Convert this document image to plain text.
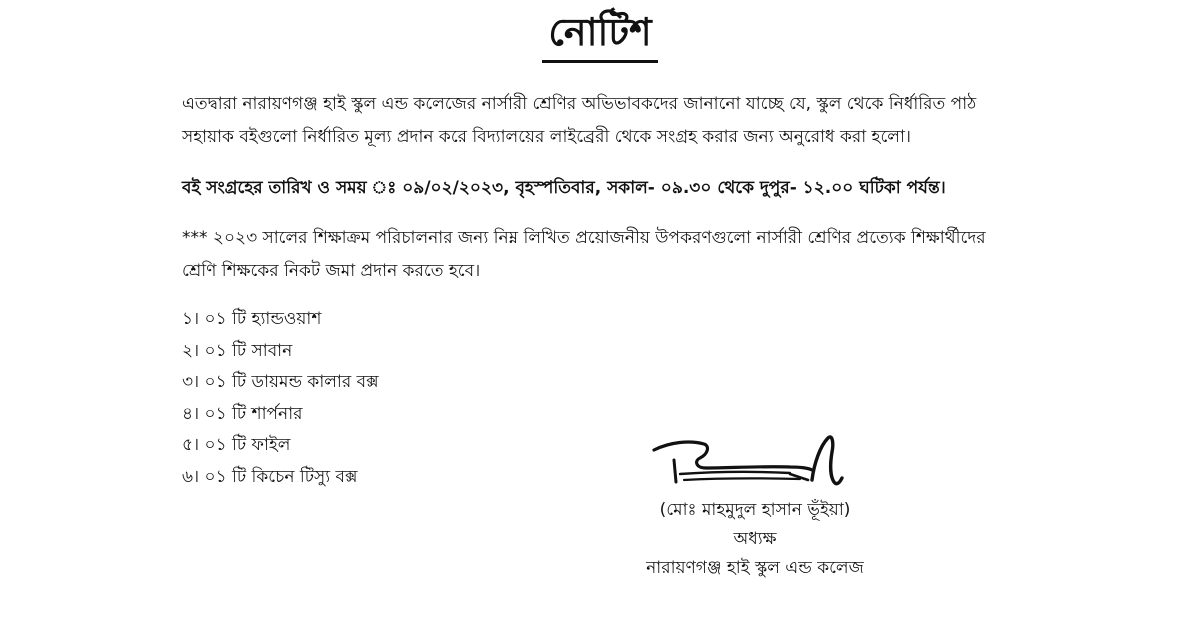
নোটিশ

এতদ্বারা নারায়ণগঞ্জ হাই স্কুল এন্ড কলেজের নার্সারী শ্রেণির অভিভাবকদের জানানো যাচ্ছে যে, স্কুল থেকে নির্ধারিত পাঠ সহায়াক বইগুলো নির্ধারিত মূল্য প্রদান করে বিদ্যালয়ের লাইব্রেরী থেকে সংগ্রহ করার জন্য অনুরোধ করা হলো।

বই সংগ্রহের তারিখ ও সময় ঃ ০৯/০২/২০২৩, বৃহস্পতিবার, সকাল- ০৯.৩০ থেকে দুপুর- ১২.০০ ঘটিকা পর্যন্ত।

*** ২০২৩ সালের শিক্ষাক্রম পরিচালনার জন্য নিম্ন লিখিত প্রয়োজনীয় উপকরণগুলো নার্সারী শ্রেণির প্রত্যেক শিক্ষার্থীদের শ্রেণি শিক্ষকের নিকট জমা প্রদান করতে হবে।

১। ০১ টি হ্যান্ডওয়াশ
২। ০১ টি সাবান
৩। ০১ টি ডায়মন্ড কালার বক্স
৪। ০১ টি শার্পনার
৫। ০১ টি ফাইল
৬। ০১ টি কিচেন টিস্যু বক্স
(মোঃ মাহমুদুল হাসান ভূঁইয়া)
অধ্যক্ষ
নারায়ণগঞ্জ হাই স্কুল এন্ড কলেজ
